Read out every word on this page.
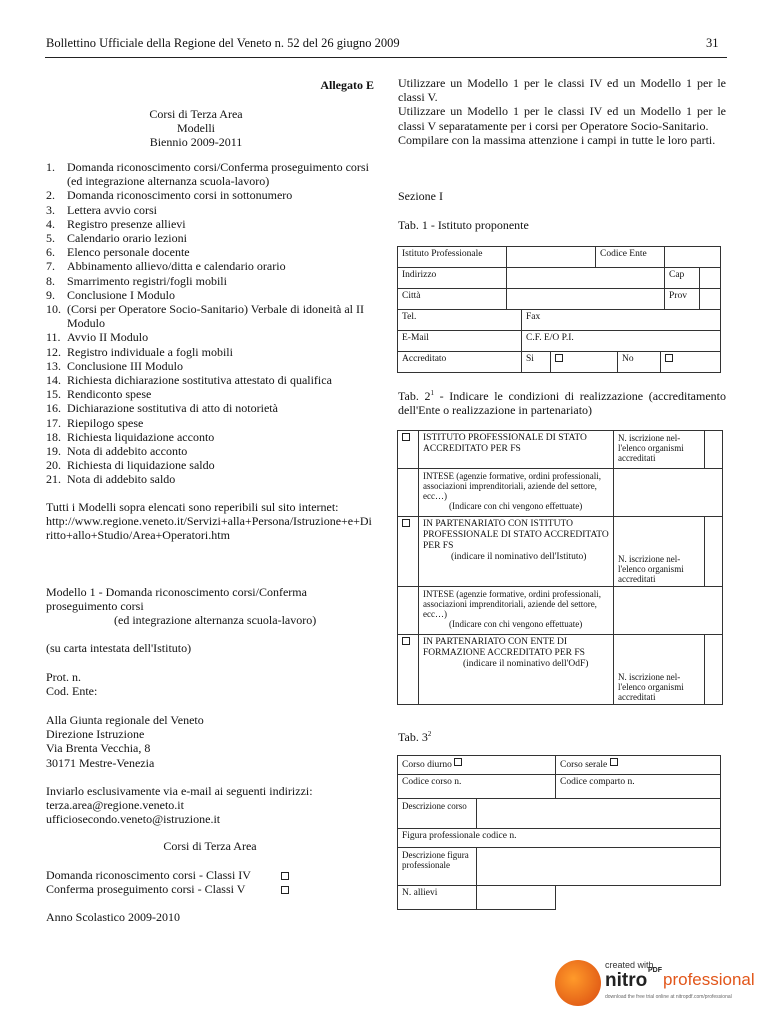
Bollettino Ufficiale della Regione del Veneto n. 52 del 26 giugno 2009	31
Allegato E
Corsi di Terza Area
Modelli
Biennio 2009-2011
1.	Domanda riconoscimento corsi/Conferma proseguimento corsi (ed integrazione alternanza scuola-lavoro)
2.	Domanda riconoscimento corsi in sottonumero
3.	Lettera avvio corsi
4.	Registro presenze allievi
5.	Calendario orario lezioni
6.	Elenco personale docente
7.	Abbinamento allievo/ditta e calendario orario
8.	Smarrimento registri/fogli mobili
9.	Conclusione I Modulo
10. (Corsi per Operatore Socio-Sanitario) Verbale di idoneità al II Modulo
11. Avvio II Modulo
12. Registro individuale a fogli mobili
13. Conclusione III Modulo
14. Richiesta dichiarazione sostitutiva attestato di qualifica
15. Rendiconto spese
16. Dichiarazione sostitutiva di atto di notorietà
17. Riepilogo spese
18. Richiesta liquidazione acconto
19. Nota di addebito acconto
20. Richiesta di liquidazione saldo
21. Nota di addebito saldo
Tutti i Modelli sopra elencati sono reperibili sul sito internet:
http://www.regione.veneto.it/Servizi+alla+Persona/Istruzione+e+Diritto+allo+Studio/Area+Operatori.htm
Modello 1 - Domanda riconoscimento corsi/Conferma proseguimento corsi
(ed integrazione alternanza scuola-lavoro)
(su carta intestata dell'Istituto)
Prot. n.
Cod. Ente:
Alla Giunta regionale del Veneto
Direzione Istruzione
Via Brenta Vecchia, 8
30171 Mestre-Venezia
Inviarlo esclusivamente via e-mail ai seguenti indirizzi:
terza.area@regione.veneto.it
ufficiosecondo.veneto@istruzione.it
Corsi di Terza Area
Domanda riconoscimento corsi - Classi IV
Conferma proseguimento corsi - Classi V
Anno Scolastico 2009-2010
Utilizzare un Modello 1 per le classi IV ed un Modello 1 per le classi V.
Utilizzare un Modello 1 per le classi IV ed un Modello 1 per le classi V separatamente per i corsi per Operatore Socio-Sanitario.
Compilare con la massima attenzione i campi in tutte le loro parti.
Sezione I
Tab. 1 - Istituto proponente
Istituto Professionale		Codice Ente		
Indirizzo			Cap	
Città			Prov	
Tel.	Fax
E-Mail	C.F. E/O P.I.
Accreditato	Si		No	
Tab. $2^1$ - Indicare le condizioni di realizzazione (accreditamento dell'Ente o realizzazione in partenariato)
	ISTITUTO PROFESSIONALE DI STATO ACCREDITATO PER FS	N. iscrizione nel-l'elenco organismi accreditati	

	INTESE (agenzie formative, ordini professionali, associazioni imprenditoriali, aziende del settore, ecc…)
(Indicare con chi vengono effettuate)		

	IN PARTENARIATO CON ISTITUTO PROFESSIONALE DI STATO ACCREDITATO PER FS
(indicare il nominativo dell'Istituto)	N. iscrizione nel-l'elenco organismi accreditati	

	INTESE (agenzie formative, ordini professionali, associazioni imprenditoriali, aziende del settore, ecc…)
(Indicare con chi vengono effettuate)		

	IN PARTENARIATO CON ENTE DI FORMAZIONE ACCREDITATO PER FS
(indicare il nominativo dell'OdF)	N. iscrizione nel-l'elenco organismi accreditati	
Tab. $3^2$
Corso diurno		Corso serale
Codice corso n.		Codice comparto n.
Descrizione corso		
Figura professionale codice n.		
Descrizione figura professionale		
N. allievi		
created with
nitro PDF professional
download the free trial online at nitropdf.com/professional
